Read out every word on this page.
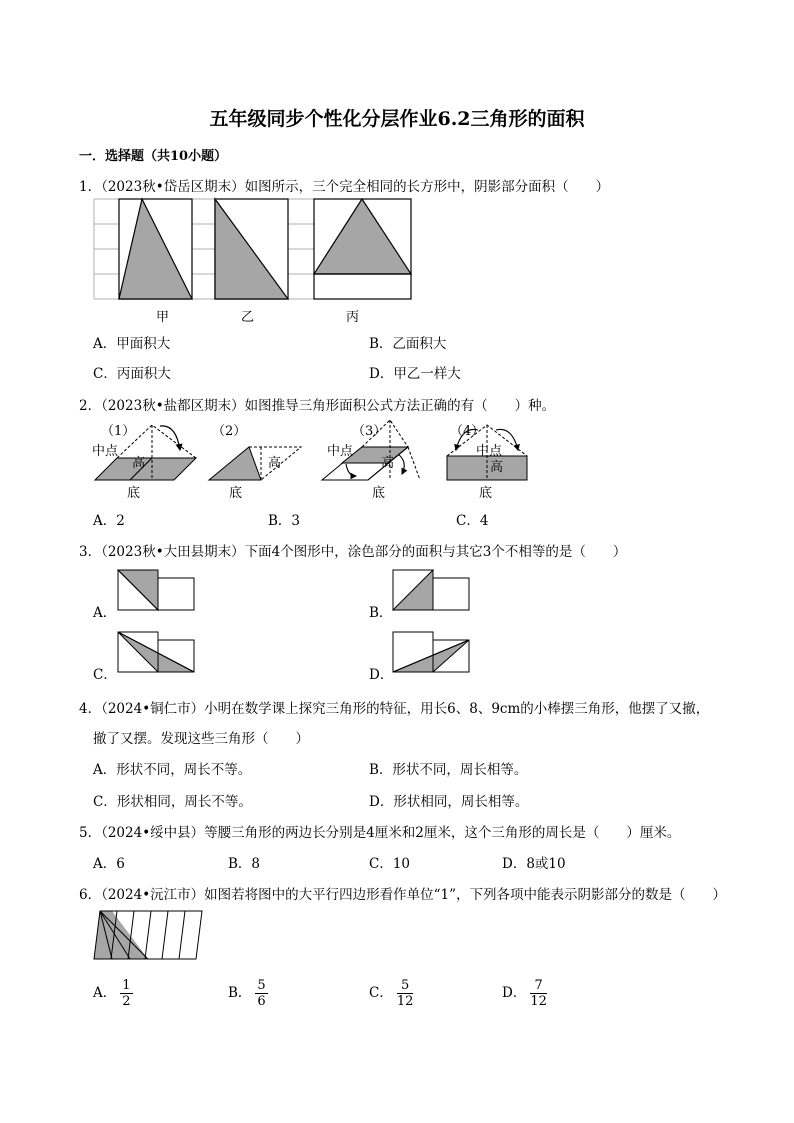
五年级同步个性化分层作业6.2三角形的面积
一．选择题（共10小题）
1．（2023秋•岱岳区期末）如图所示，三个完全相同的长方形中，阴影部分面积（　　）
甲	乙	丙
A．甲面积大	B．乙面积大
C．丙面积大	D．甲乙一样大
2．（2023秋•盐都区期末）如图推导三角形面积公式方法正确的有（　　）种。
（1）	（2）	（3）	（4）
中点	中点	中点
高	高	高	高
底	底	底	底
A．2	B．3	C．4
3．（2023秋•大田县期末）下面4个图形中，涂色部分的面积与其它3个不相等的是（　　）
A．	B．
C．	D．
4．（2024•铜仁市）小明在数学课上探究三角形的特征，用长6、8、9cm的小棒摆三角形，他摆了又撤，
撤了又摆。发现这些三角形（　　）
A．形状不同，周长不等。	B．形状不同，周长相等。
C．形状相同，周长不等。	D．形状相同，周长相等。
5．（2024•绥中县）等腰三角形的两边长分别是4厘米和2厘米，这个三角形的周长是（　　）厘米。
A．6	B．8	C．10	D．8或10
6．（2024•沅江市）如图若将图中的大平行四边形看作单位“1”，下列各项中能表示阴影部分的数是（　　）
A． $\frac{1}{2}$	B． $\frac{5}{6}$	C． $\frac{5}{12}$	D． $\frac{7}{12}$
